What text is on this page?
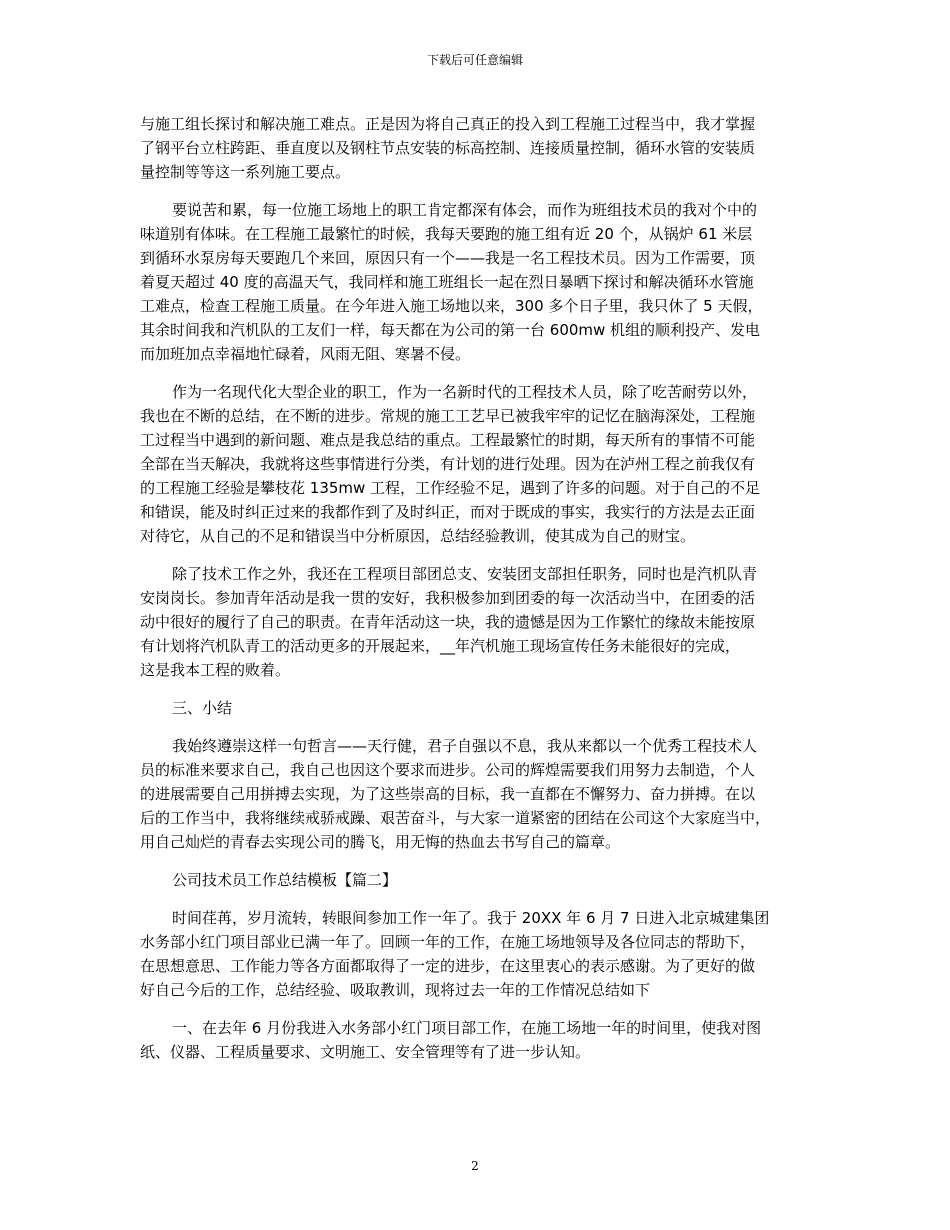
下载后可任意编辑

与施工组长探讨和解决施工难点。正是因为将自己真正的投入到工程施工过程当中，我才掌握
了钢平台立柱跨距、垂直度以及钢柱节点安装的标高控制、连接质量控制，循环水管的安装质
量控制等等这一系列施工要点。

要说苦和累，每一位施工场地上的职工肯定都深有体会，而作为班组技术员的我对个中的
味道别有体味。在工程施工最繁忙的时候，我每天要跑的施工组有近 20 个，从锅炉 61 米层
到循环水泵房每天要跑几个来回，原因只有一个——我是一名工程技术员。因为工作需要，顶
着夏天超过 40 度的高温天气，我同样和施工班组长一起在烈日暴晒下探讨和解决循环水管施
工难点，检查工程施工质量。在今年进入施工场地以来，300 多个日子里，我只休了 5 天假，
其余时间我和汽机队的工友们一样，每天都在为公司的第一台 600mw 机组的顺利投产、发电
而加班加点幸福地忙碌着，风雨无阻、寒暑不侵。

作为一名现代化大型企业的职工，作为一名新时代的工程技术人员，除了吃苦耐劳以外，
我也在不断的总结，在不断的进步。常规的施工工艺早已被我牢牢的记忆在脑海深处，工程施
工过程当中遇到的新问题、难点是我总结的重点。工程最繁忙的时期，每天所有的事情不可能
全部在当天解决，我就将这些事情进行分类，有计划的进行处理。因为在泸州工程之前我仅有
的工程施工经验是攀枝花 135mw 工程，工作经验不足，遇到了许多的问题。对于自己的不足
和错误，能及时纠正过来的我都作到了及时纠正，而对于既成的事实，我实行的方法是去正面
对待它，从自己的不足和错误当中分析原因，总结经验教训，使其成为自己的财宝。

除了技术工作之外，我还在工程项目部团总支、安装团支部担任职务，同时也是汽机队青
安岗岗长。参加青年活动是我一贯的安好，我积极参加到团委的每一次活动当中，在团委的活
动中很好的履行了自己的职责。在青年活动这一块，我的遗憾是因为工作繁忙的缘故未能按原
有计划将汽机队青工的活动更多的开展起来，__年汽机施工现场宣传任务未能很好的完成，
这是我本工程的败着。

三、小结

我始终遵崇这样一句哲言——天行健，君子自强以不息，我从来都以一个优秀工程技术人
员的标准来要求自己，我自己也因这个要求而进步。公司的辉煌需要我们用努力去制造，个人
的进展需要自己用拼搏去实现，为了这些崇高的目标，我一直都在不懈努力、奋力拼搏。在以
后的工作当中，我将继续戒骄戒躁、艰苦奋斗，与大家一道紧密的团结在公司这个大家庭当中，
用自己灿烂的青春去实现公司的腾飞，用无悔的热血去书写自己的篇章。

公司技术员工作总结模板【篇二】

时间荏苒，岁月流转，转眼间参加工作一年了。我于 20XX 年 6 月 7 日进入北京城建集团
水务部小红门项目部业已满一年了。回顾一年的工作，在施工场地领导及各位同志的帮助下，
在思想意思、工作能力等各方面都取得了一定的进步，在这里衷心的表示感谢。为了更好的做
好自己今后的工作，总结经验、吸取教训，现将过去一年的工作情况总结如下

一、在去年 6 月份我进入水务部小红门项目部工作，在施工场地一年的时间里，使我对图
纸、仪器、工程质量要求、文明施工、安全管理等有了进一步认知。

2
